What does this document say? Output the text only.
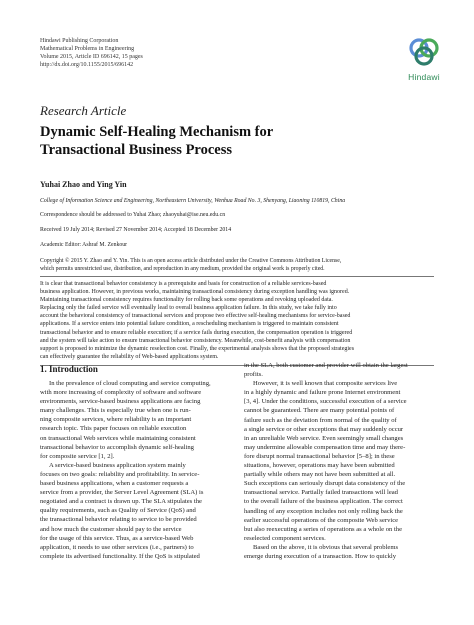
Hindawi Publishing Corporation
Mathematical Problems in Engineering
Volume 2015, Article ID 696142, 15 pages
http://dx.doi.org/10.1155/2015/696142
Hindawi
Research Article
Dynamic Self-Healing Mechanism for
Transactional Business Process
Yuhai Zhao and Ying Yin
College of Information Science and Engineering, Northeastern University, Wenhua Road No. 3, Shenyang, Liaoning 110819, China
Correspondence should be addressed to Yuhai Zhao; zhaoyuhai@ise.neu.edu.cn
Received 19 July 2014; Revised 27 November 2014; Accepted 18 December 2014
Academic Editor: Ashraf M. Zenkour
Copyright © 2015 Y. Zhao and Y. Yin. This is an open access article distributed under the Creative Commons Attribution License,
which permits unrestricted use, distribution, and reproduction in any medium, provided the original work is properly cited.
It is clear that transactional behavior consistency is a prerequisite and basis for construction of a reliable services-based
business application. However, in previous works, maintaining transactional consistency during exception handling was ignored.
Maintaining transactional consistency requires functionality for rolling back some operations and revoking uploaded data.
Replacing only the failed service will eventually lead to overall business application failure. In this study, we take fully into
account the behavioral consistency of transactional services and propose two effective self-healing mechanisms for service-based
applications. If a service enters into potential failure condition, a rescheduling mechanism is triggered to maintain consistent
transactional behavior and to ensure reliable execution; if a service fails during execution, the compensation operation is triggered
and the system will take action to ensure transactional behavior consistency. Meanwhile, cost-benefit analysis with compensation
support is proposed to minimize the dynamic reselection cost. Finally, the experimental analysis shows that the proposed strategies
can effectively guarantee the reliability of Web-based applications system.
1. Introduction
In the prevalence of cloud computing and service computing,
with more increasing of complexity of software and software
environments, service-based business applications are facing
many challenges. This is especially true when one is run-
ning composite services, where reliability is an important
research topic. This paper focuses on reliable execution
on transactional Web services while maintaining consistent
transactional behavior to accomplish dynamic self-healing
for composite service [1, 2].
A service-based business application system mainly
focuses on two goals: reliability and profitability. In service-
based business applications, when a customer requests a
service from a provider, the Server Level Agreement (SLA) is
negotiated and a contract is drawn up. The SLA stipulates the
quality requirements, such as Quality of Service (QoS) and
the transactional behavior relating to service to be provided
and how much the customer should pay to the service
for the usage of this service. Thus, as a service-based Web
application, it needs to use other services (i.e., partners) to
complete its advertised functionality. If the QoS is stipulated
in the SLA, both customer and provider will obtain the largest
profits.
However, it is well known that composite services live
in a highly dynamic and failure prone Internet environment
[3, 4]. Under the conditions, successful execution of a service
cannot be guaranteed. There are many potential points of
failure such as the deviation from normal of the quality of
a single service or other exceptions that may suddenly occur
in an unreliable Web service. Even seemingly small changes
may undermine allowable compensation time and may there-
fore disrupt normal transactional behavior [5–8]; in these
situations, however, operations may have been submitted
partially while others may not have been submitted at all.
Such exceptions can seriously disrupt data consistency of the
transactional service. Partially failed transactions will lead
to the overall failure of the business application. The correct
handling of any exception includes not only rolling back the
earlier successful operations of the composite Web service
but also reexecuting a series of operations as a whole on the
reselected component services.
Based on the above, it is obvious that several problems
emerge during execution of a transaction. How to quickly
